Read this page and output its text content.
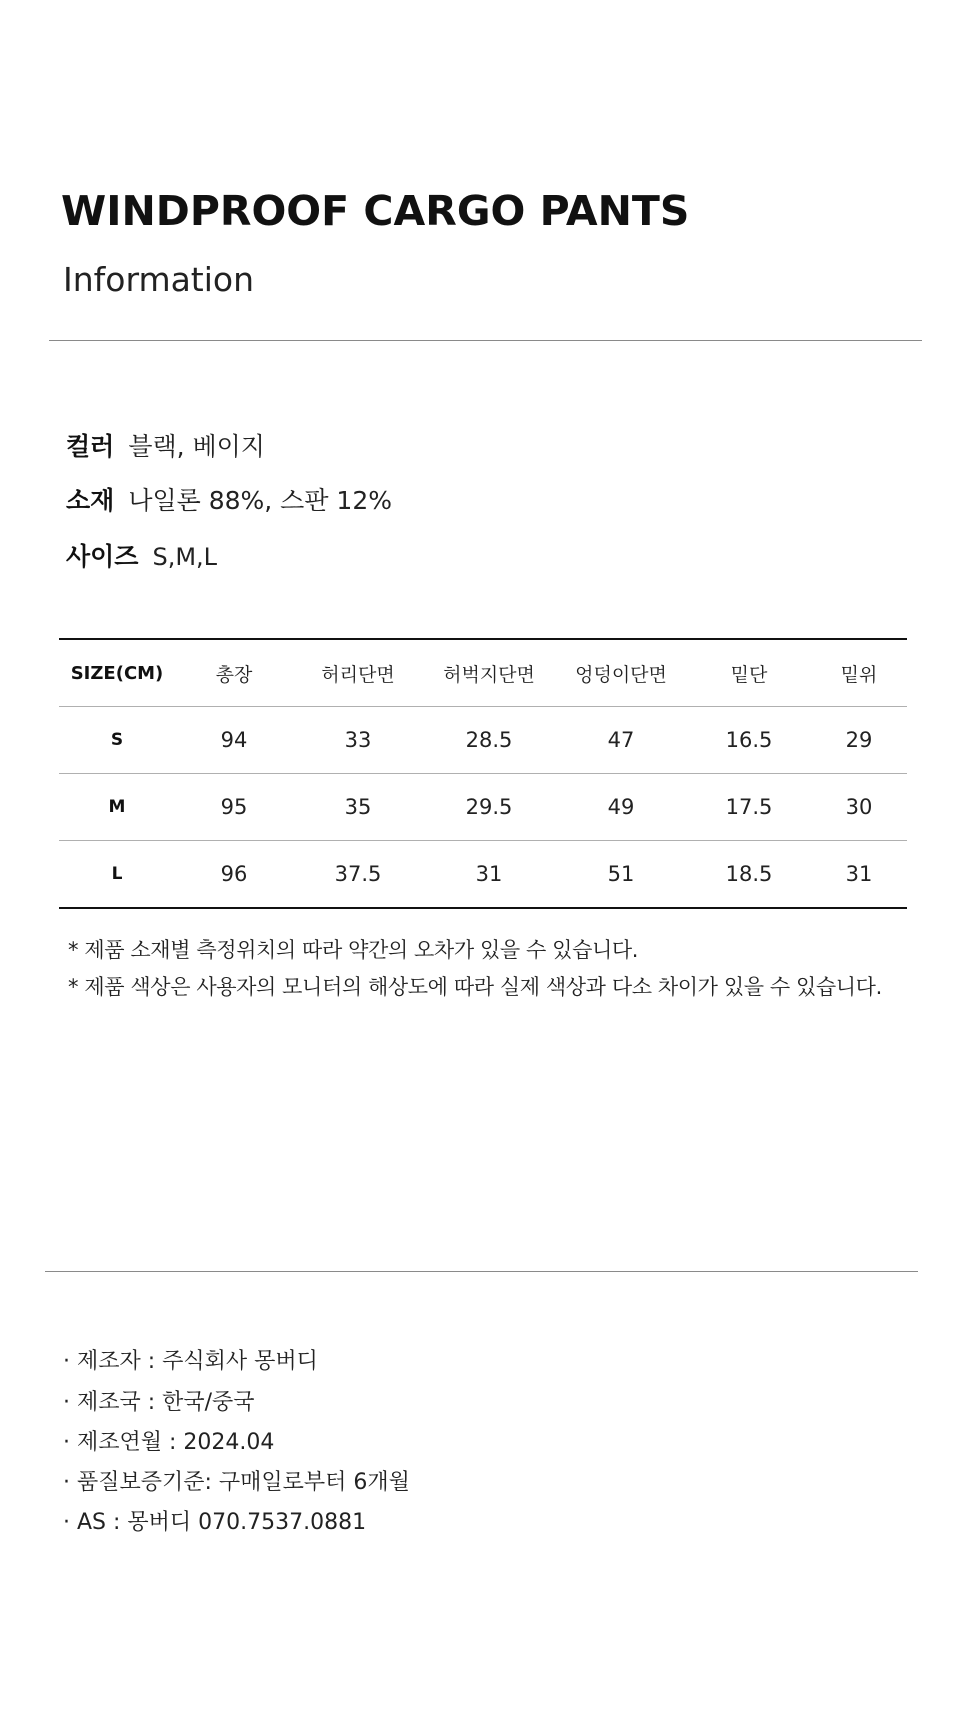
WINDPROOF CARGO PANTS
Information
컬러 블랙, 베이지
소재 나일론 88%, 스판 12%
사이즈 S,M,L
SIZE(CM)	총장	허리단면	허벅지단면	엉덩이단면	밑단	밑위
S	94	33	28.5	47	16.5	29
M	95	35	29.5	49	17.5	30
L	96	37.5	31	51	18.5	31

* 제품 소재별 측정위치의 따라 약간의 오차가 있을 수 있습니다.

* 제품 색상은 사용자의 모니터의 해상도에 따라 실제 색상과 다소 차이가 있을 수 있습니다.

· 제조자 : 주식회사 몽버디

· 제조국 : 한국/중국

· 제조연월 : 2024.04

· 품질보증기준: 구매일로부터 6개월

· AS : 몽버디 070.7537.0881
